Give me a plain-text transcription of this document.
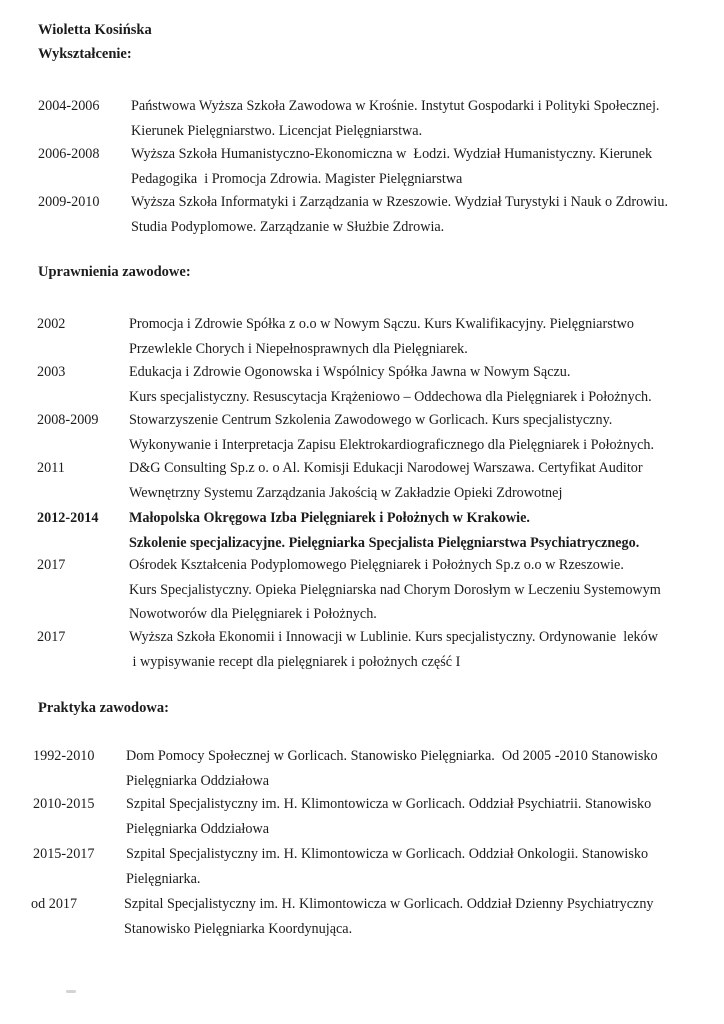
Wioletta Kosińska
Wykształcenie:
2004-2006 Państwowa Wyższa Szkoła Zawodowa w Krośnie. Instytut Gospodarki i Polityki Społecznej.
Kierunek Pielęgniarstwo. Licencjat Pielęgniarstwa.
2006-2008 Wyższa Szkoła Humanistyczno-Ekonomiczna w  Łodzi. Wydział Humanistyczny. Kierunek
Pedagogika  i Promocja Zdrowia. Magister Pielęgniarstwa
2009-2010 Wyższa Szkoła Informatyki i Zarządzania w Rzeszowie. Wydział Turystyki i Nauk o Zdrowiu.
Studia Podyplomowe. Zarządzanie w Służbie Zdrowia.
Uprawnienia zawodowe:
2002	Promocja i Zdrowie Spółka z o.o w Nowym Sączu. Kurs Kwalifikacyjny. Pielęgniarstwo
Przewlekle Chorych i Niepełnosprawnych dla Pielęgniarek.
2003	Edukacja i Zdrowie Ogonowska i Wspólnicy Spółka Jawna w Nowym Sączu.
Kurs specjalistyczny. Resuscytacja Krążeniowo – Oddechowa dla Pielęgniarek i Położnych.
2008-2009 Stowarzyszenie Centrum Szkolenia Zawodowego w Gorlicach. Kurs specjalistyczny.
Wykonywanie i Interpretacja Zapisu Elektrokardiograficznego dla Pielęgniarek i Położnych.
2011	D&G Consulting Sp.z o. o Al. Komisji Edukacji Narodowej Warszawa. Certyfikat Auditor
Wewnętrzny Systemu Zarządzania Jakością w Zakładzie Opieki Zdrowotnej
2012-2014 Małopolska Okręgowa Izba Pielęgniarek i Położnych w Krakowie.
Szkolenie specjalizacyjne. Pielęgniarka Specjalista Pielęgniarstwa Psychiatrycznego.
2017	Ośrodek Kształcenia Podyplomowego Pielęgniarek i Położnych Sp.z o.o w Rzeszowie.
Kurs Specjalistyczny. Opieka Pielęgniarska nad Chorym Dorosłym w Leczeniu Systemowym
Nowotworów dla Pielęgniarek i Położnych.
2017	Wyższa Szkoła Ekonomii i Innowacji w Lublinie. Kurs specjalistyczny. Ordynowanie  leków
i wypisywanie recept dla pielęgniarek i położnych część I
Praktyka zawodowa:
1992-2010 Dom Pomocy Społecznej w Gorlicach. Stanowisko Pielęgniarka.  Od 2005 -2010 Stanowisko
Pielęgniarka Oddziałowa
2010-2015 Szpital Specjalistyczny im. H. Klimontowicza w Gorlicach. Oddział Psychiatrii. Stanowisko
Pielęgniarka Oddziałowa
2015-2017 Szpital Specjalistyczny im. H. Klimontowicza w Gorlicach. Oddział Onkologii. Stanowisko
Pielęgniarka.
od 2017	Szpital Specjalistyczny im. H. Klimontowicza w Gorlicach. Oddział Dzienny Psychiatryczny
Stanowisko Pielęgniarka Koordynująca.
